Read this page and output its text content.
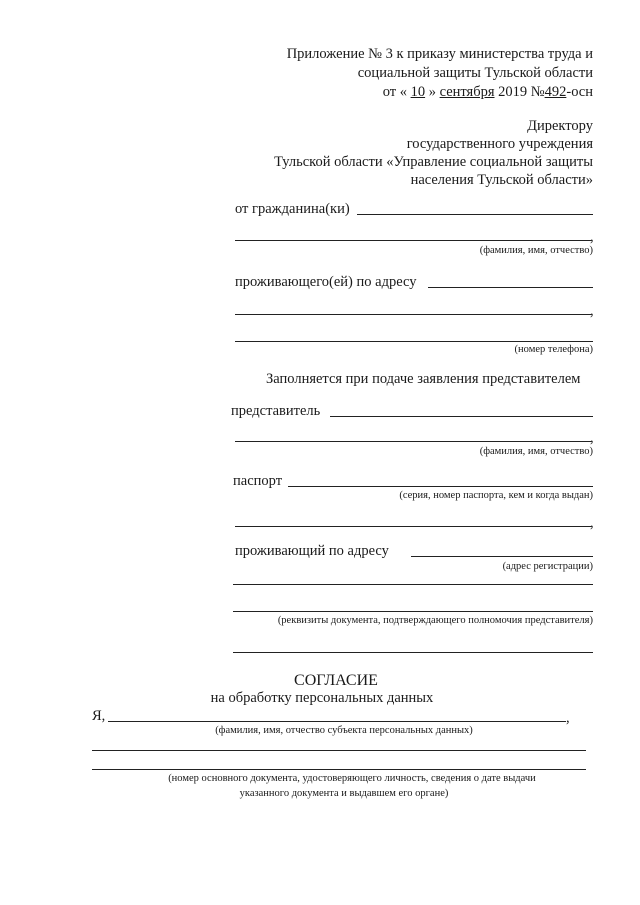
Приложение № 3 к приказу министерства труда и
социальной защиты Тульской области
от « 10 » сентября 2019 №492-осн
Директору
государственного учреждения
Тульской области «Управление социальной защиты
населения Тульской области»
от гражданина(ки)
,
(фамилия, имя, отчество)
проживающего(ей) по адресу
,
(номер телефона)
Заполняется при подаче заявления представителем
представитель
,
(фамилия, имя, отчество)
паспорт
(серия, номер паспорта, кем и когда выдан)
,
проживающий по адресу
(адрес регистрации)
(реквизиты документа, подтверждающего полномочия представителя)
СОГЛАСИЕ
на обработку персональных данных
Я,	,
(фамилия, имя, отчество субъекта персональных данных)
(номер основного документа, удостоверяющего личность, сведения о дате выдачи
указанного документа и выдавшем его органе)
